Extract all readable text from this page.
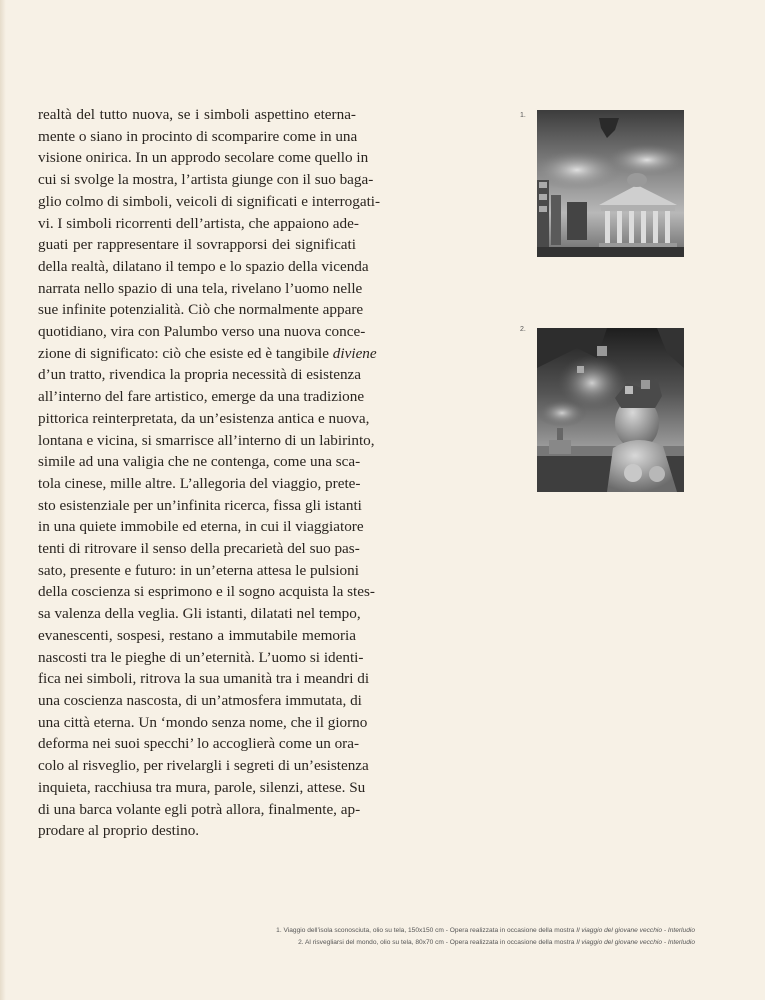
realtà del tutto nuova, se i simboli aspettino eterna-
mente o siano in procinto di scomparire come in una
visione onirica. In un approdo secolare come quello in
cui si svolge la mostra, l’artista giunge con il suo baga-
glio colmo di simboli, veicoli di significati e interrogati-
vi. I simboli ricorrenti dell’artista, che appaiono ade-
guati per rappresentare il sovrapporsi dei significati
della realtà, dilatano il tempo e lo spazio della vicenda
narrata nello spazio di una tela, rivelano l’uomo nelle
sue infinite potenzialità. Ciò che normalmente appare
quotidiano, vira con Palumbo verso una nuova conce-
zione di significato: ciò che esiste ed è tangibile diviene
d’un tratto, rivendica la propria necessità di esistenza
all’interno del fare artistico, emerge da una tradizione
pittorica reinterpretata, da un’esistenza antica e nuova,
lontana e vicina, si smarrisce all’interno di un labirinto,
simile ad una valigia che ne contenga, come una sca-
tola cinese, mille altre. L’allegoria del viaggio, prete-
sto esistenziale per un’infinita ricerca, fissa gli istanti
in una quiete immobile ed eterna, in cui il viaggiatore
tenti di ritrovare il senso della precarietà del suo pas-
sato, presente e futuro: in un’eterna attesa le pulsioni
della coscienza si esprimono e il sogno acquista la stes-
sa valenza della veglia. Gli istanti, dilatati nel tempo,
evanescenti, sospesi, restano a immutabile memoria
nascosti tra le pieghe di un’eternità. L’uomo si identi-
fica nei simboli, ritrova la sua umanità tra i meandri di
una coscienza nascosta, di un’atmosfera immutata, di
una città eterna. Un ‘mondo senza nome, che il giorno
deforma nei suoi specchi’ lo accoglierà come un ora-
colo al risveglio, per rivelargli i segreti di un’esistenza
inquieta, racchiusa tra mura, parole, silenzi, attese. Su
di una barca volante egli potrà allora, finalmente, ap-
prodare al proprio destino.
1.
2.
1. Viaggio dell’isola sconosciuta, olio su tela, 150x150 cm - Opera realizzata in occasione della mostra Il viaggio del giovane vecchio - Interludio
2. Al risvegliarsi del mondo, olio su tela, 80x70 cm - Opera realizzata in occasione della mostra Il viaggio del giovane vecchio - Interludio
